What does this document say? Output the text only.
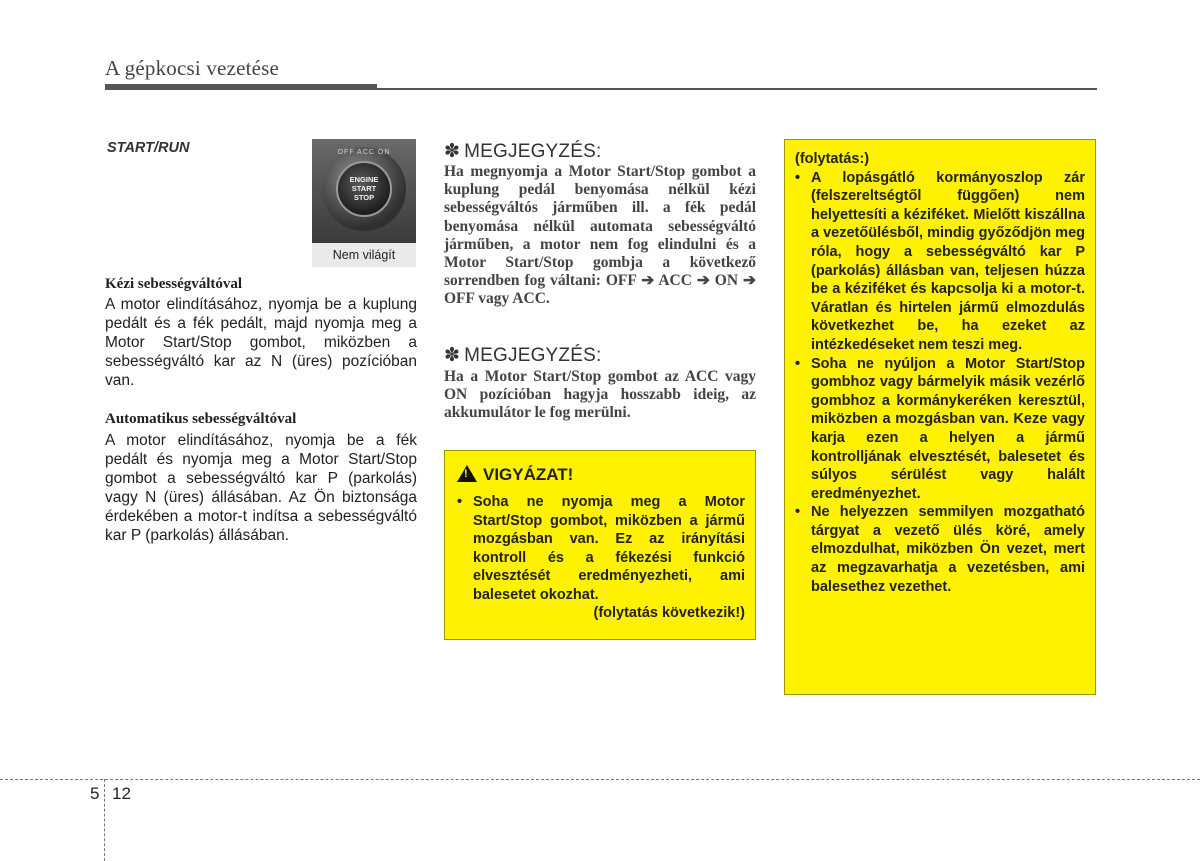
A gépkocsi vezetése
START/RUN	OFF ACC ON
ENGINE
START
STOP
Nem világít
Kézi sebességváltóval
A motor elindításához, nyomja be a kuplung pedált és a fék pedált, majd nyomja meg a Motor Start/Stop gombot, miközben a sebességváltó kar az N (üres) pozícióban van.
Automatikus sebességváltóval
A motor elindításához, nyomja be a fék pedált és nyomja meg a Motor Start/Stop gombot a sebességváltó kar P (parkolás) vagy N (üres) állásában. Az Ön biztonsága érdekében a motor-t indítsa a sebességváltó kar P (parkolás) állásában.
✽ MEGJEGYZÉS:
Ha megnyomja a Motor Start/Stop gombot a kuplung pedál benyomása nélkül kézi sebességváltós járműben ill. a fék pedál benyomása nélkül automata sebességváltó járműben, a motor nem fog elindulni és a Motor Start/Stop gombja a következő sorrendben fog váltani: OFF ➔ ACC ➔ ON ➔ OFF vagy ACC.
✽ MEGJEGYZÉS:
Ha a Motor Start/Stop gombot az ACC vagy ON pozícióban hagyja hosszabb ideig, az akkumulátor le fog merülni.
! VIGYÁZAT!
• Soha ne nyomja meg a Motor Start/Stop gombot, miközben a jármű mozgásban van. Ez az irányítási kontroll és a fékezési funkció elvesztését eredményezheti, ami balesetet okozhat.
(folytatás következik!)
(folytatás:)
• A lopásgátló kormányoszlop zár (felszereltségtől függően) nem helyettesíti a kéziféket. Mielőtt kiszállna a vezetőülésből, mindig győződjön meg róla, hogy a sebességváltó kar P (parkolás) állásban van, teljesen húzza be a kéziféket és kapcsolja ki a motor-t. Váratlan és hirtelen jármű elmozdulás következhet be, ha ezeket az intézkedéseket nem teszi meg.
• Soha ne nyúljon a Motor Start/Stop gombhoz vagy bármelyik másik vezérlő gombhoz a kormánykeréken keresztül, miközben a mozgásban van. Keze vagy karja ezen a helyen a jármű kontrolljának elvesztését, balesetet és súlyos sérülést vagy halált eredményezhet.
• Ne helyezzen semmilyen mozgatható tárgyat a vezető ülés köré, amely elmozdulhat, miközben Ön vezet, mert az megzavarhatja a vezetésben, ami balesethez vezethet.
5 12
